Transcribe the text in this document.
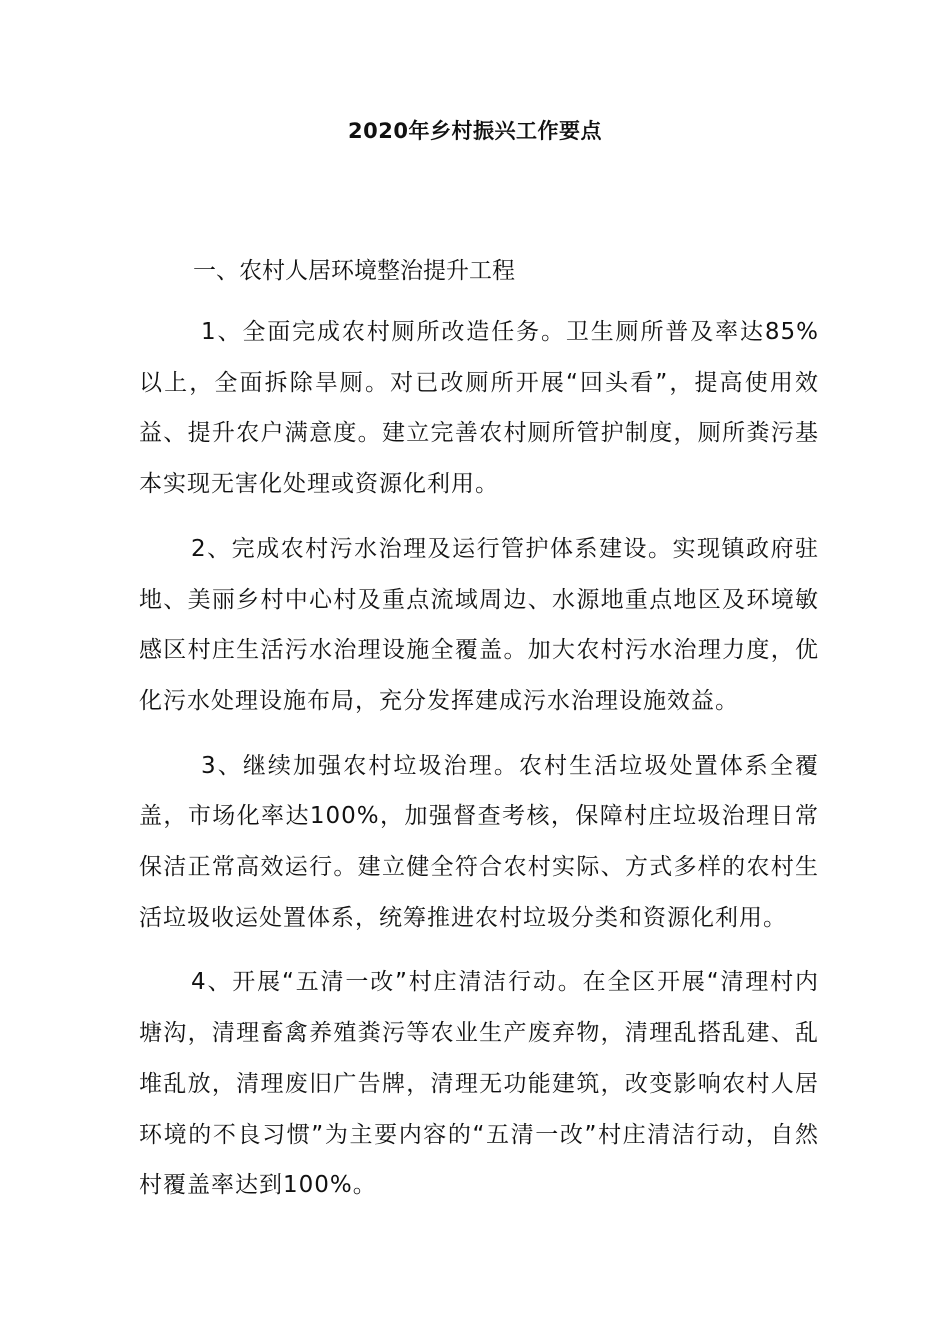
2020年乡村振兴工作要点
一、农村人居环境整治提升工程

1、全面完成农村厕所改造任务。卫生厕所普及率达85%以上，全面拆除旱厕。对已改厕所开展“回头看”，提高使用效益、提升农户满意度。建立完善农村厕所管护制度，厕所粪污基本实现无害化处理或资源化利用。

2、完成农村污水治理及运行管护体系建设。实现镇政府驻地、美丽乡村中心村及重点流域周边、水源地重点地区及环境敏感区村庄生活污水治理设施全覆盖。加大农村污水治理力度，优化污水处理设施布局，充分发挥建成污水治理设施效益。

3、继续加强农村垃圾治理。农村生活垃圾处置体系全覆盖，市场化率达100%，加强督查考核，保障村庄垃圾治理日常保洁正常高效运行。建立健全符合农村实际、方式多样的农村生活垃圾收运处置体系，统筹推进农村垃圾分类和资源化利用。

4、开展“五清一改”村庄清洁行动。在全区开展“清理村内塘沟，清理畜禽养殖粪污等农业生产废弃物，清理乱搭乱建、乱堆乱放，清理废旧广告牌，清理无功能建筑，改变影响农村人居环境的不良习惯”为主要内容的“五清一改”村庄清洁行动，自然村覆盖率达到100%。
